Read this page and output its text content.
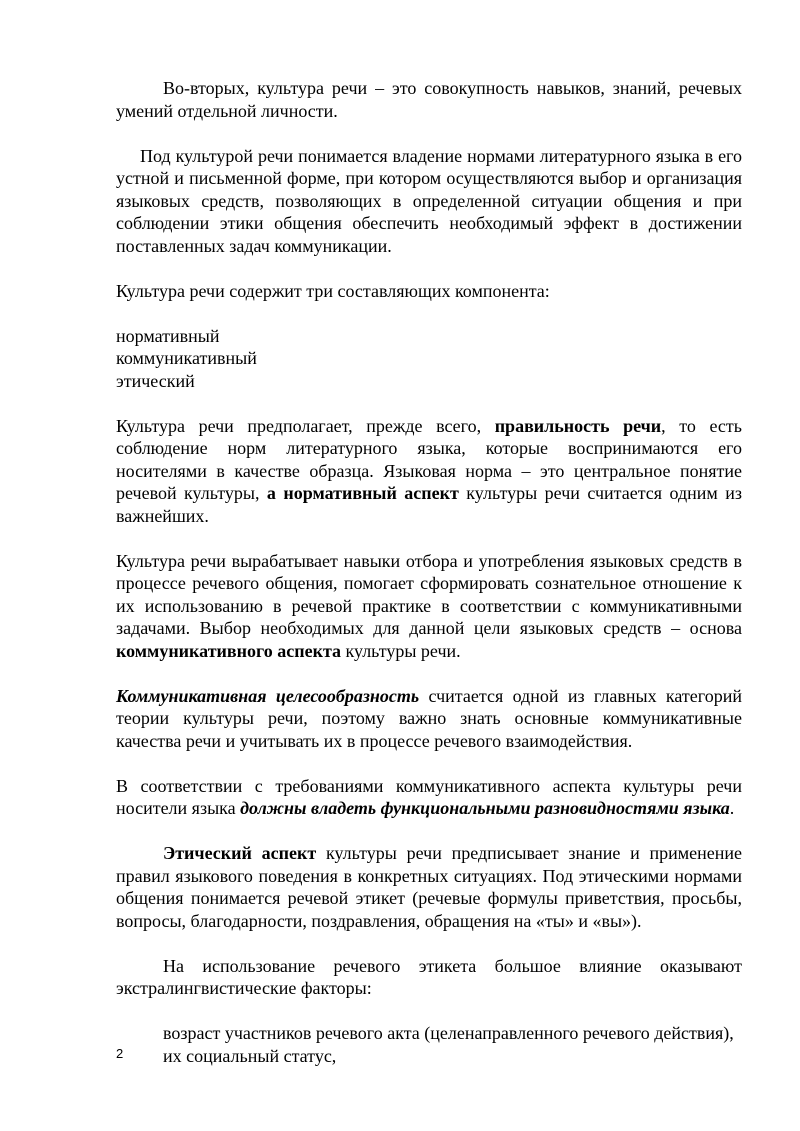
Во-вторых, культура речи – это совокупность навыков, знаний, речевых умений отдельной личности.

Под культурой речи понимается владение нормами литературного языка в его устной и письменной форме, при котором осуществляются выбор и организация языковых средств, позволяющих в определенной ситуации общения и при соблюдении этики общения обеспечить необходимый эффект в достижении поставленных задач коммуникации.

Культура речи содержит три составляющих компонента:

нормативный

коммуникативный

этический

Культура речи предполагает, прежде всего, правильность речи, то есть соблюдение норм литературного языка, которые воспринимаются его носителями в качестве образца. Языковая норма – это центральное понятие речевой культуры, а нормативный аспект культуры речи считается одним из важнейших.

Культура речи вырабатывает навыки отбора и употребления языковых средств в процессе речевого общения, помогает сформировать сознательное отношение к их использованию в речевой практике в соответствии с коммуникативными задачами. Выбор необходимых для данной цели языковых средств – основа коммуникативного аспекта культуры речи.

Коммуникативная целесообразность считается одной из главных категорий теории культуры речи, поэтому важно знать основные коммуникативные качества речи и учитывать их в процессе речевого взаимодействия.

В соответствии с требованиями коммуникативного аспекта культуры речи носители языка должны владеть функциональными разновидностями языка.

Этический аспект культуры речи предписывает знание и применение правил языкового поведения в конкретных ситуациях. Под этическими нормами общения понимается речевой этикет (речевые формулы приветствия, просьбы, вопросы, благодарности, поздравления, обращения на «ты» и «вы»).

На использование речевого этикета большое влияние оказывают экстралингвистические факторы:

возраст участников речевого акта (целенаправленного речевого действия),

их социальный статус,

2
